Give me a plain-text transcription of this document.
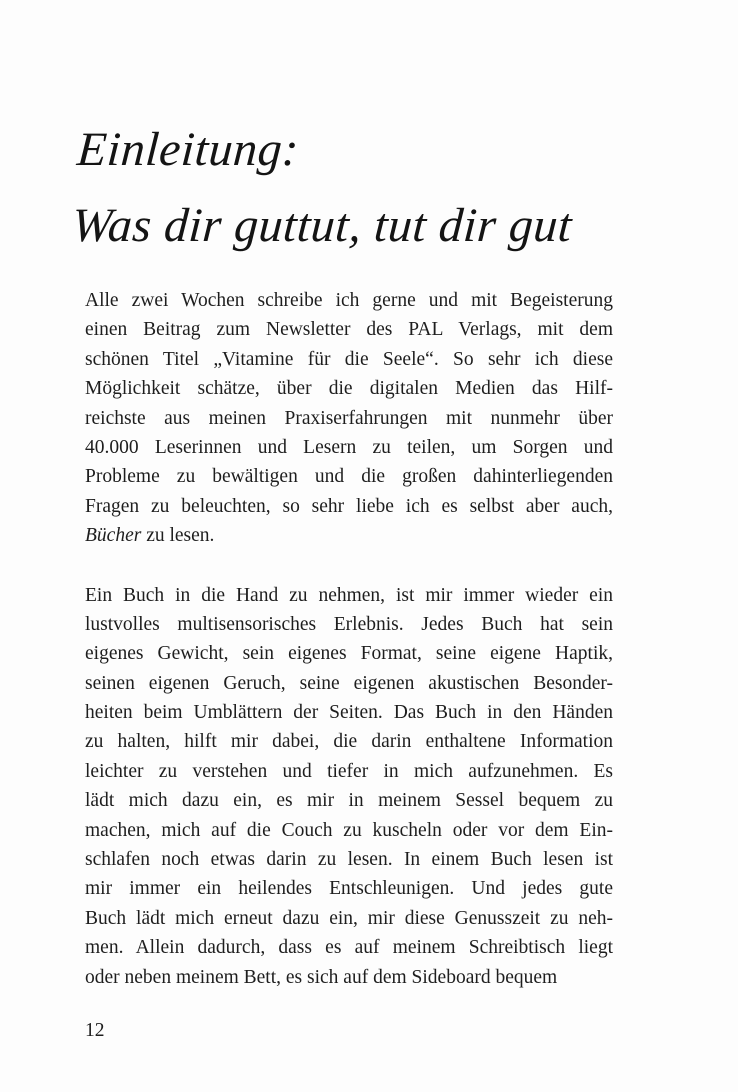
Einleitung:
Was dir guttut, tut dir gut
Alle zwei Wochen schreibe ich gerne und mit Begeisterung
einen Beitrag zum Newsletter des PAL Verlags, mit dem
schönen Titel „Vitamine für die Seele“. So sehr ich diese
Möglichkeit schätze, über die digitalen Medien das Hilf-
reichste aus meinen Praxiserfahrungen mit nunmehr über
40.000 Leserinnen und Lesern zu teilen, um Sorgen und
Probleme zu bewältigen und die großen dahinterliegenden
Fragen zu beleuchten, so sehr liebe ich es selbst aber auch,
Bücher zu lesen.
Ein Buch in die Hand zu nehmen, ist mir immer wieder ein
lustvolles multisensorisches Erlebnis. Jedes Buch hat sein
eigenes Gewicht, sein eigenes Format, seine eigene Haptik,
seinen eigenen Geruch, seine eigenen akustischen Besonder-
heiten beim Umblättern der Seiten. Das Buch in den Händen
zu halten, hilft mir dabei, die darin enthaltene Information
leichter zu verstehen und tiefer in mich aufzunehmen. Es
lädt mich dazu ein, es mir in meinem Sessel bequem zu
machen, mich auf die Couch zu kuscheln oder vor dem Ein-
schlafen noch etwas darin zu lesen. In einem Buch lesen ist
mir immer ein heilendes Entschleunigen. Und jedes gute
Buch lädt mich erneut dazu ein, mir diese Genusszeit zu neh-
men. Allein dadurch, dass es auf meinem Schreibtisch liegt
oder neben meinem Bett, es sich auf dem Sideboard bequem
12
